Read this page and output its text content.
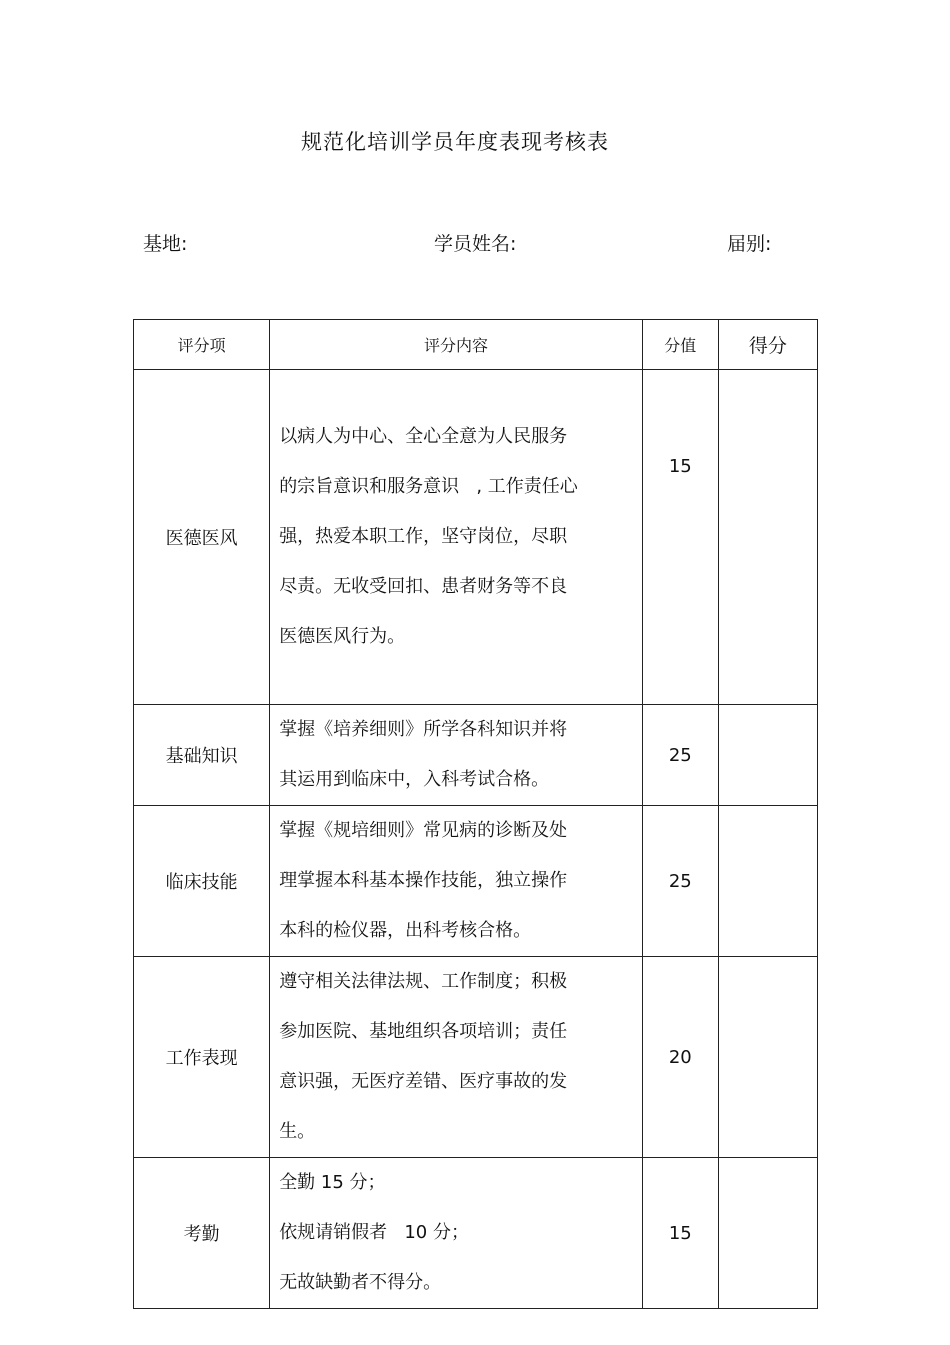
规范化培训学员年度表现考核表
基地:	学员姓名:	届别:
评分项	评分内容	分值	得分
医德医风	以病人为中心、全心全意为人民服务

的宗旨意识和服务意识   , 工作责任心

强，热爱本职工作，坚守岗位，尽职

尽责。无收受回扣、患者财务等不良

医德医风行为。	15	
基础知识	掌握《培养细则》所学各科知识并将

其运用到临床中，入科考试合格。	25	
临床技能	掌握《规培细则》常见病的诊断及处

理掌握本科基本操作技能，独立操作

本科的检仪器，出科考核合格。	25	
工作表现	遵守相关法律法规、工作制度；积极

参加医院、基地组织各项培训；责任

意识强，无医疗差错、医疗事故的发

生。	20	
考勤	全勤 15 分；

依规请销假者   10 分；

无故缺勤者不得分。	15	
